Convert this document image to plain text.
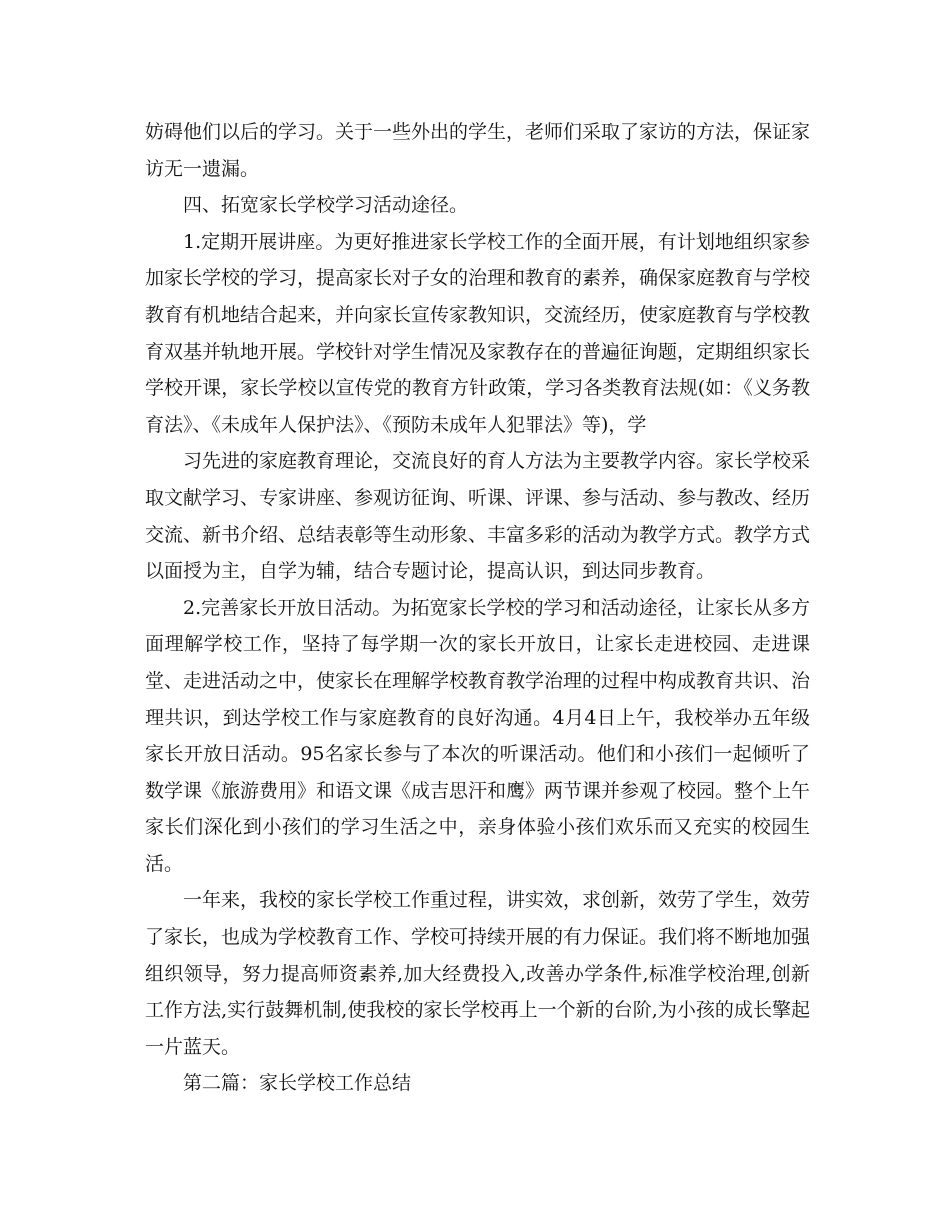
妨碍他们以后的学习。关于一些外出的学生，老师们采取了家访的方法，保证家访无一遗漏。

四、拓宽家长学校学习活动途径。

1.定期开展讲座。为更好推进家长学校工作的全面开展，有计划地组织家参加家长学校的学习，提高家长对子女的治理和教育的素养，确保家庭教育与学校教育有机地结合起来，并向家长宣传家教知识，交流经历，使家庭教育与学校教育双基并轨地开展。学校针对学生情况及家教存在的普遍征询题，定期组织家长学校开课，家长学校以宣传党的教育方针政策，学习各类教育法规(如：《义务教育法》、《未成年人保护法》、《预防未成年人犯罪法》等)，学

习先进的家庭教育理论，交流良好的育人方法为主要教学内容。家长学校采取文献学习、专家讲座、参观访征询、听课、评课、参与活动、参与教改、经历交流、新书介绍、总结表彰等生动形象、丰富多彩的活动为教学方式。教学方式以面授为主，自学为辅，结合专题讨论，提高认识，到达同步教育。

2.完善家长开放日活动。为拓宽家长学校的学习和活动途径，让家长从多方面理解学校工作，坚持了每学期一次的家长开放日，让家长走进校园、走进课堂、走进活动之中，使家长在理解学校教育教学治理的过程中构成教育共识、治理共识，到达学校工作与家庭教育的良好沟通。4月4日上午，我校举办五年级家长开放日活动。95名家长参与了本次的听课活动。他们和小孩们一起倾听了数学课《旅游费用》和语文课《成吉思汗和鹰》两节课并参观了校园。整个上午家长们深化到小孩们的学习生活之中，亲身体验小孩们欢乐而又充实的校园生活。

一年来，我校的家长学校工作重过程，讲实效，求创新，效劳了学生，效劳了家长，也成为学校教育工作、学校可持续开展的有力保证。我们将不断地加强组织领导，努力提高师资素养,加大经费投入,改善办学条件,标准学校治理,创新工作方法,实行鼓舞机制,使我校的家长学校再上一个新的台阶,为小孩的成长擎起一片蓝天。

第二篇：家长学校工作总结
